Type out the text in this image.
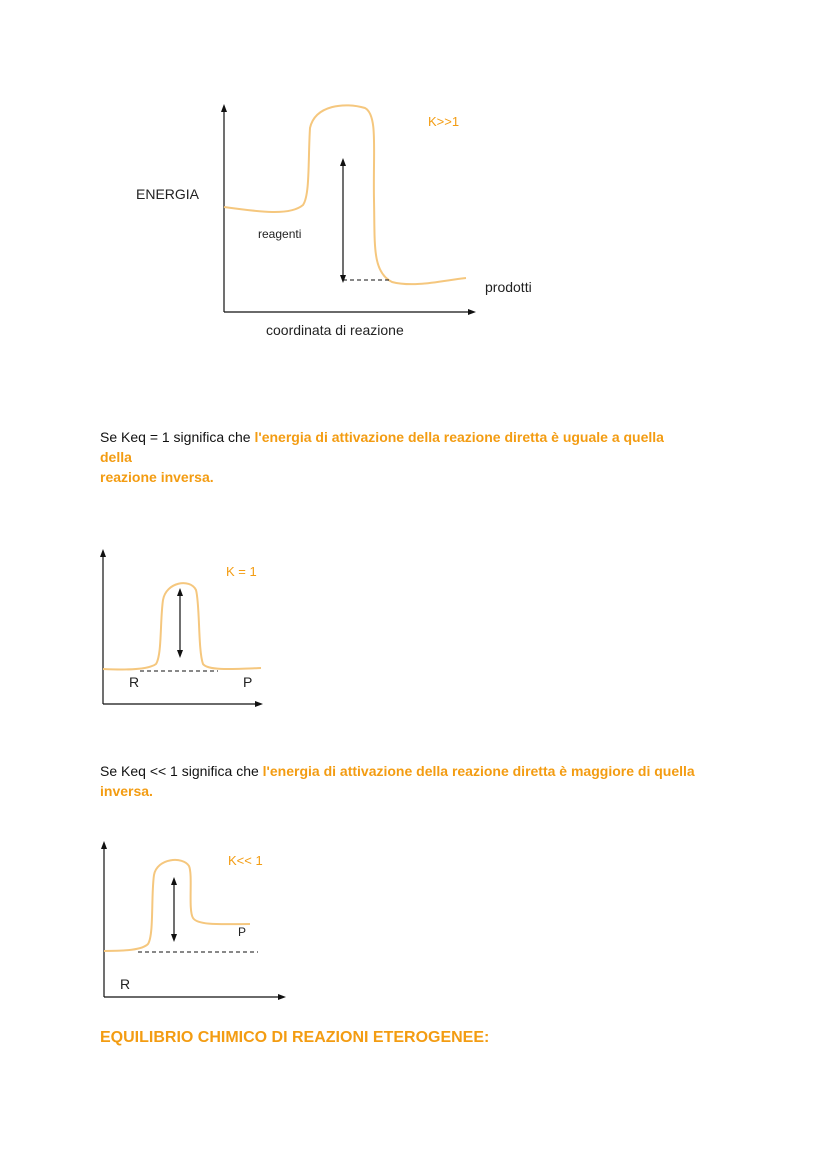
ENERGIA
reagenti
prodotti
coordinata di reazione
K>>1
Se Keq = 1 significa che l'energia di attivazione della reazione diretta è uguale a quella
della
reazione inversa.
K = 1
R	P
Se Keq << 1 significa che l'energia di attivazione della reazione diretta è maggiore di quella inversa.
K<< 1
P
R
EQUILIBRIO CHIMICO DI REAZIONI ETEROGENEE:
